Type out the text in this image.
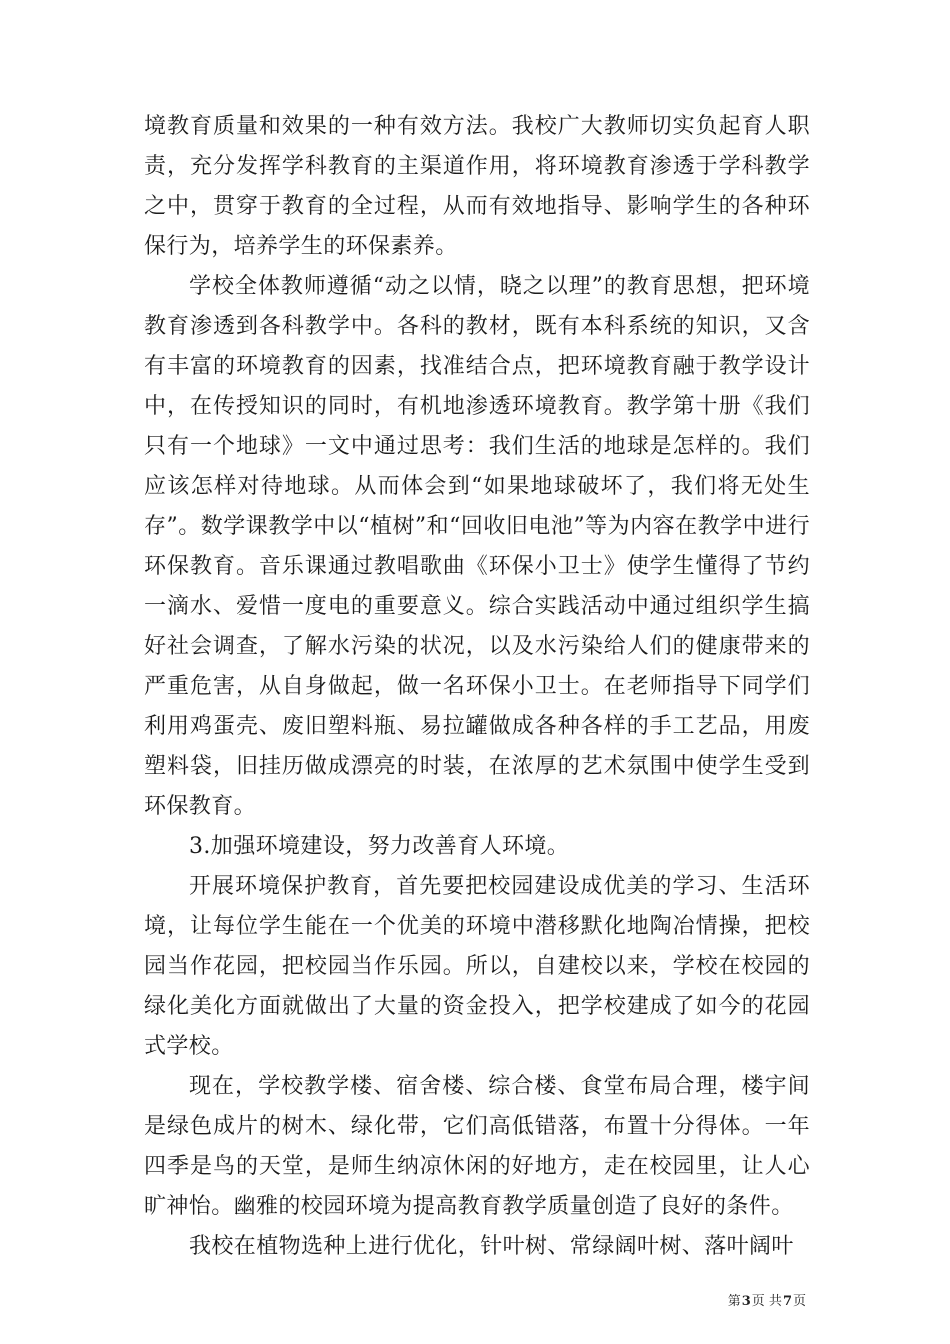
境教育质量和效果的一种有效方法。我校广大教师切实负起育人职责，充分发挥学科教育的主渠道作用，将环境教育渗透于学科教学之中，贯穿于教育的全过程，从而有效地指导、影响学生的各种环保行为，培养学生的环保素养。

学校全体教师遵循“动之以情，晓之以理”的教育思想，把环境教育渗透到各科教学中。各科的教材，既有本科系统的知识，又含有丰富的环境教育的因素，找准结合点，把环境教育融于教学设计中，在传授知识的同时，有机地渗透环境教育。教学第十册《我们只有一个地球》一文中通过思考：我们生活的地球是怎样的。我们应该怎样对待地球。从而体会到“如果地球破坏了，我们将无处生存”。数学课教学中以“植树”和“回收旧电池”等为内容在教学中进行环保教育。音乐课通过教唱歌曲《环保小卫士》使学生懂得了节约一滴水、爱惜一度电的重要意义。综合实践活动中通过组织学生搞好社会调查，了解水污染的状况，以及水污染给人们的健康带来的严重危害，从自身做起，做一名环保小卫士。在老师指导下同学们利用鸡蛋壳、废旧塑料瓶、易拉罐做成各种各样的手工艺品，用废塑料袋，旧挂历做成漂亮的时装，在浓厚的艺术氛围中使学生受到环保教育。

3.加强环境建设，努力改善育人环境。

开展环境保护教育，首先要把校园建设成优美的学习、生活环境，让每位学生能在一个优美的环境中潜移默化地陶冶情操，把校园当作花园，把校园当作乐园。所以，自建校以来，学校在校园的绿化美化方面就做出了大量的资金投入，把学校建成了如今的花园式学校。

现在，学校教学楼、宿舍楼、综合楼、食堂布局合理，楼宇间是绿色成片的树木、绿化带，它们高低错落，布置十分得体。一年四季是鸟的天堂，是师生纳凉休闲的好地方，走在校园里，让人心旷神怡。幽雅的校园环境为提高教育教学质量创造了良好的条件。

我校在植物选种上进行优化，针叶树、常绿阔叶树、落叶阔叶

第 3 页 共 7 页
